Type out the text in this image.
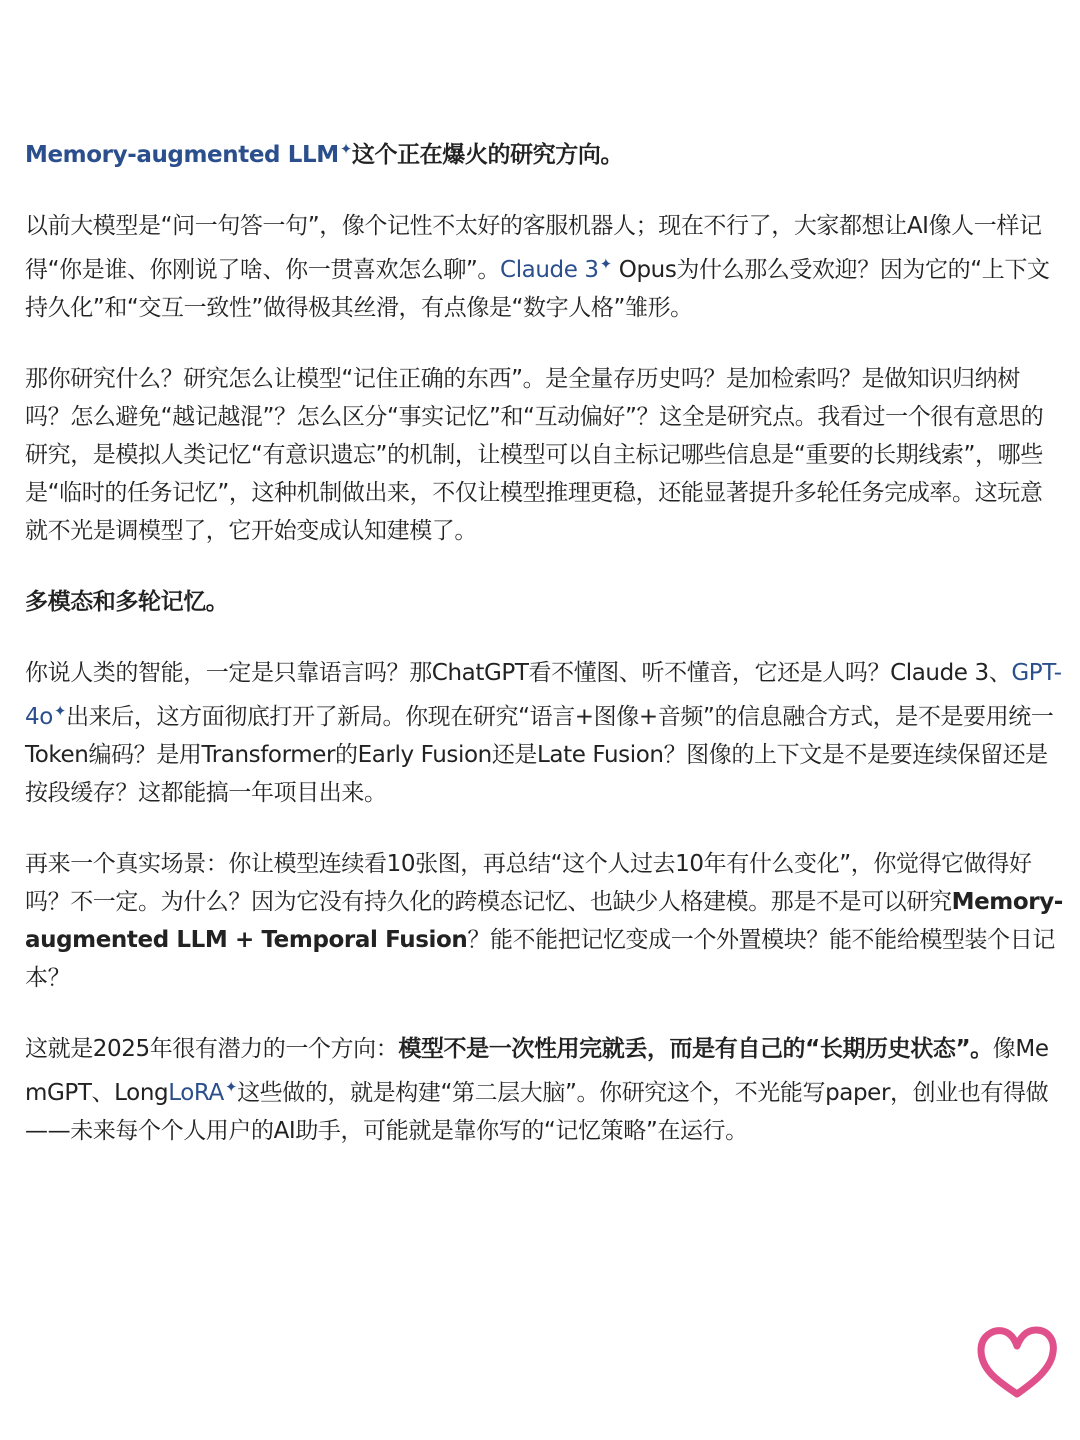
Memory-augmented LLM✦这个正在爆火的研究方向。

以前大模型是“问一句答一句”，像个记性不太好的客服机器人；现在不行了，大家都想让AI像人一样记得“你是谁、你刚说了啥、你一贯喜欢怎么聊”。Claude 3✦ Opus为什么那么受欢迎？因为它的“上下文持久化”和“交互一致性”做得极其丝滑，有点像是“数字人格”雏形。

那你研究什么？研究怎么让模型“记住正确的东西”。是全量存历史吗？是加检索吗？是做知识归纳树吗？怎么避免“越记越混”？怎么区分“事实记忆”和“互动偏好”？这全是研究点。我看过一个很有意思的研究，是模拟人类记忆“有意识遗忘”的机制，让模型可以自主标记哪些信息是“重要的长期线索”，哪些是“临时的任务记忆”，这种机制做出来，不仅让模型推理更稳，还能显著提升多轮任务完成率。这玩意就不光是调模型了，它开始变成认知建模了。

多模态和多轮记忆。

你说人类的智能，一定是只靠语言吗？那ChatGPT看不懂图、听不懂音，它还是人吗？Claude 3、GPT-4o✦出来后，这方面彻底打开了新局。你现在研究“语言+图像+音频”的信息融合方式，是不是要用统一Token编码？是用Transformer的Early Fusion还是Late Fusion？图像的上下文是不是要连续保留还是按段缓存？这都能搞一年项目出来。

再来一个真实场景：你让模型连续看10张图，再总结“这个人过去10年有什么变化”，你觉得它做得好吗？不一定。为什么？因为它没有持久化的跨模态记忆、也缺少人格建模。那是不是可以研究Memory-augmented LLM + Temporal Fusion？能不能把记忆变成一个外置模块？能不能给模型装个日记本？

这就是2025年很有潜力的一个方向：模型不是一次性用完就丢，而是有自己的“长期历史状态”。像MemGPT、LongLoRA✦这些做的，就是构建“第二层大脑”。你研究这个，不光能写paper，创业也有得做——未来每个个人用户的AI助手，可能就是靠你写的“记忆策略”在运行。
